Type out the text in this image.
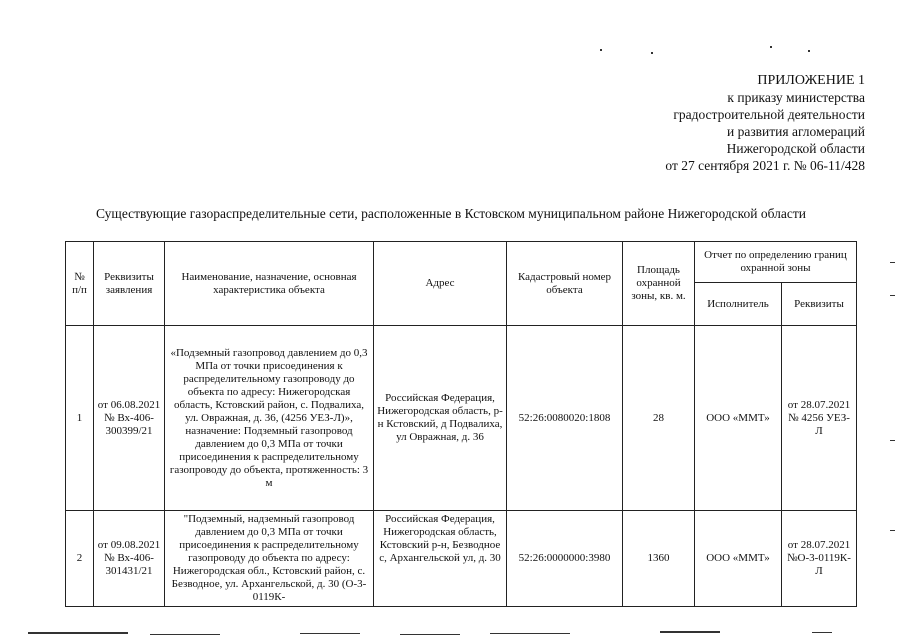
ПРИЛОЖЕНИЕ 1
к приказу министерства
градостроительной деятельности
и развития агломераций
Нижегородской области
от 27 сентября 2021 г. № 06-11/428
Существующие газораспределительные сети, расположенные в Кстовском муниципальном районе Нижегородской области
№ п/п	Реквизиты заявления	Наименование, назначение, основная характеристика объекта	Адрес	Кадастровый номер объекта	Площадь охранной зоны, кв. м.	Отчет по определению границ охранной зоны	
						Исполнитель	Реквизиты
1	от 06.08.2021 № Вх-406-300399/21	«Подземный газопровод давлением до 0,3 МПа от точки присоединения к распределительному газопроводу до объекта по адресу: Нижегородская область, Кстовский район, с. Подвалиха, ул. Овражная, д. 36, (4256 УЕЗ-Л)», назначение: Подземный газопровод давлением до 0,3 МПа от точки присоединения к распределительному газопроводу до объекта, протяженность: 3 м	Российская Федерация, Нижегородская область, р-н Кстовский, д Подвалиха, ул Овражная, д. 36	52:26:0080020:1808	28	ООО «ММТ»	от 28.07.2021 № 4256 УЕЗ-Л
2	от 09.08.2021 № Вх-406-301431/21	"Подземный, надземный газопровод давлением до 0,3 МПа от точки присоединения к распределительному газопроводу до объекта по адресу: Нижегородская обл., Кстовский район, с. Безводное, ул. Архангельской, д. 30 (О-3-0119К-	Российская Федерация, Нижегородская область, Кстовский р-н, Безводное с, Архангельской ул, д. 30	52:26:0000000:3980	1360	ООО «ММТ»	от 28.07.2021 №О-3-0119К-Л
